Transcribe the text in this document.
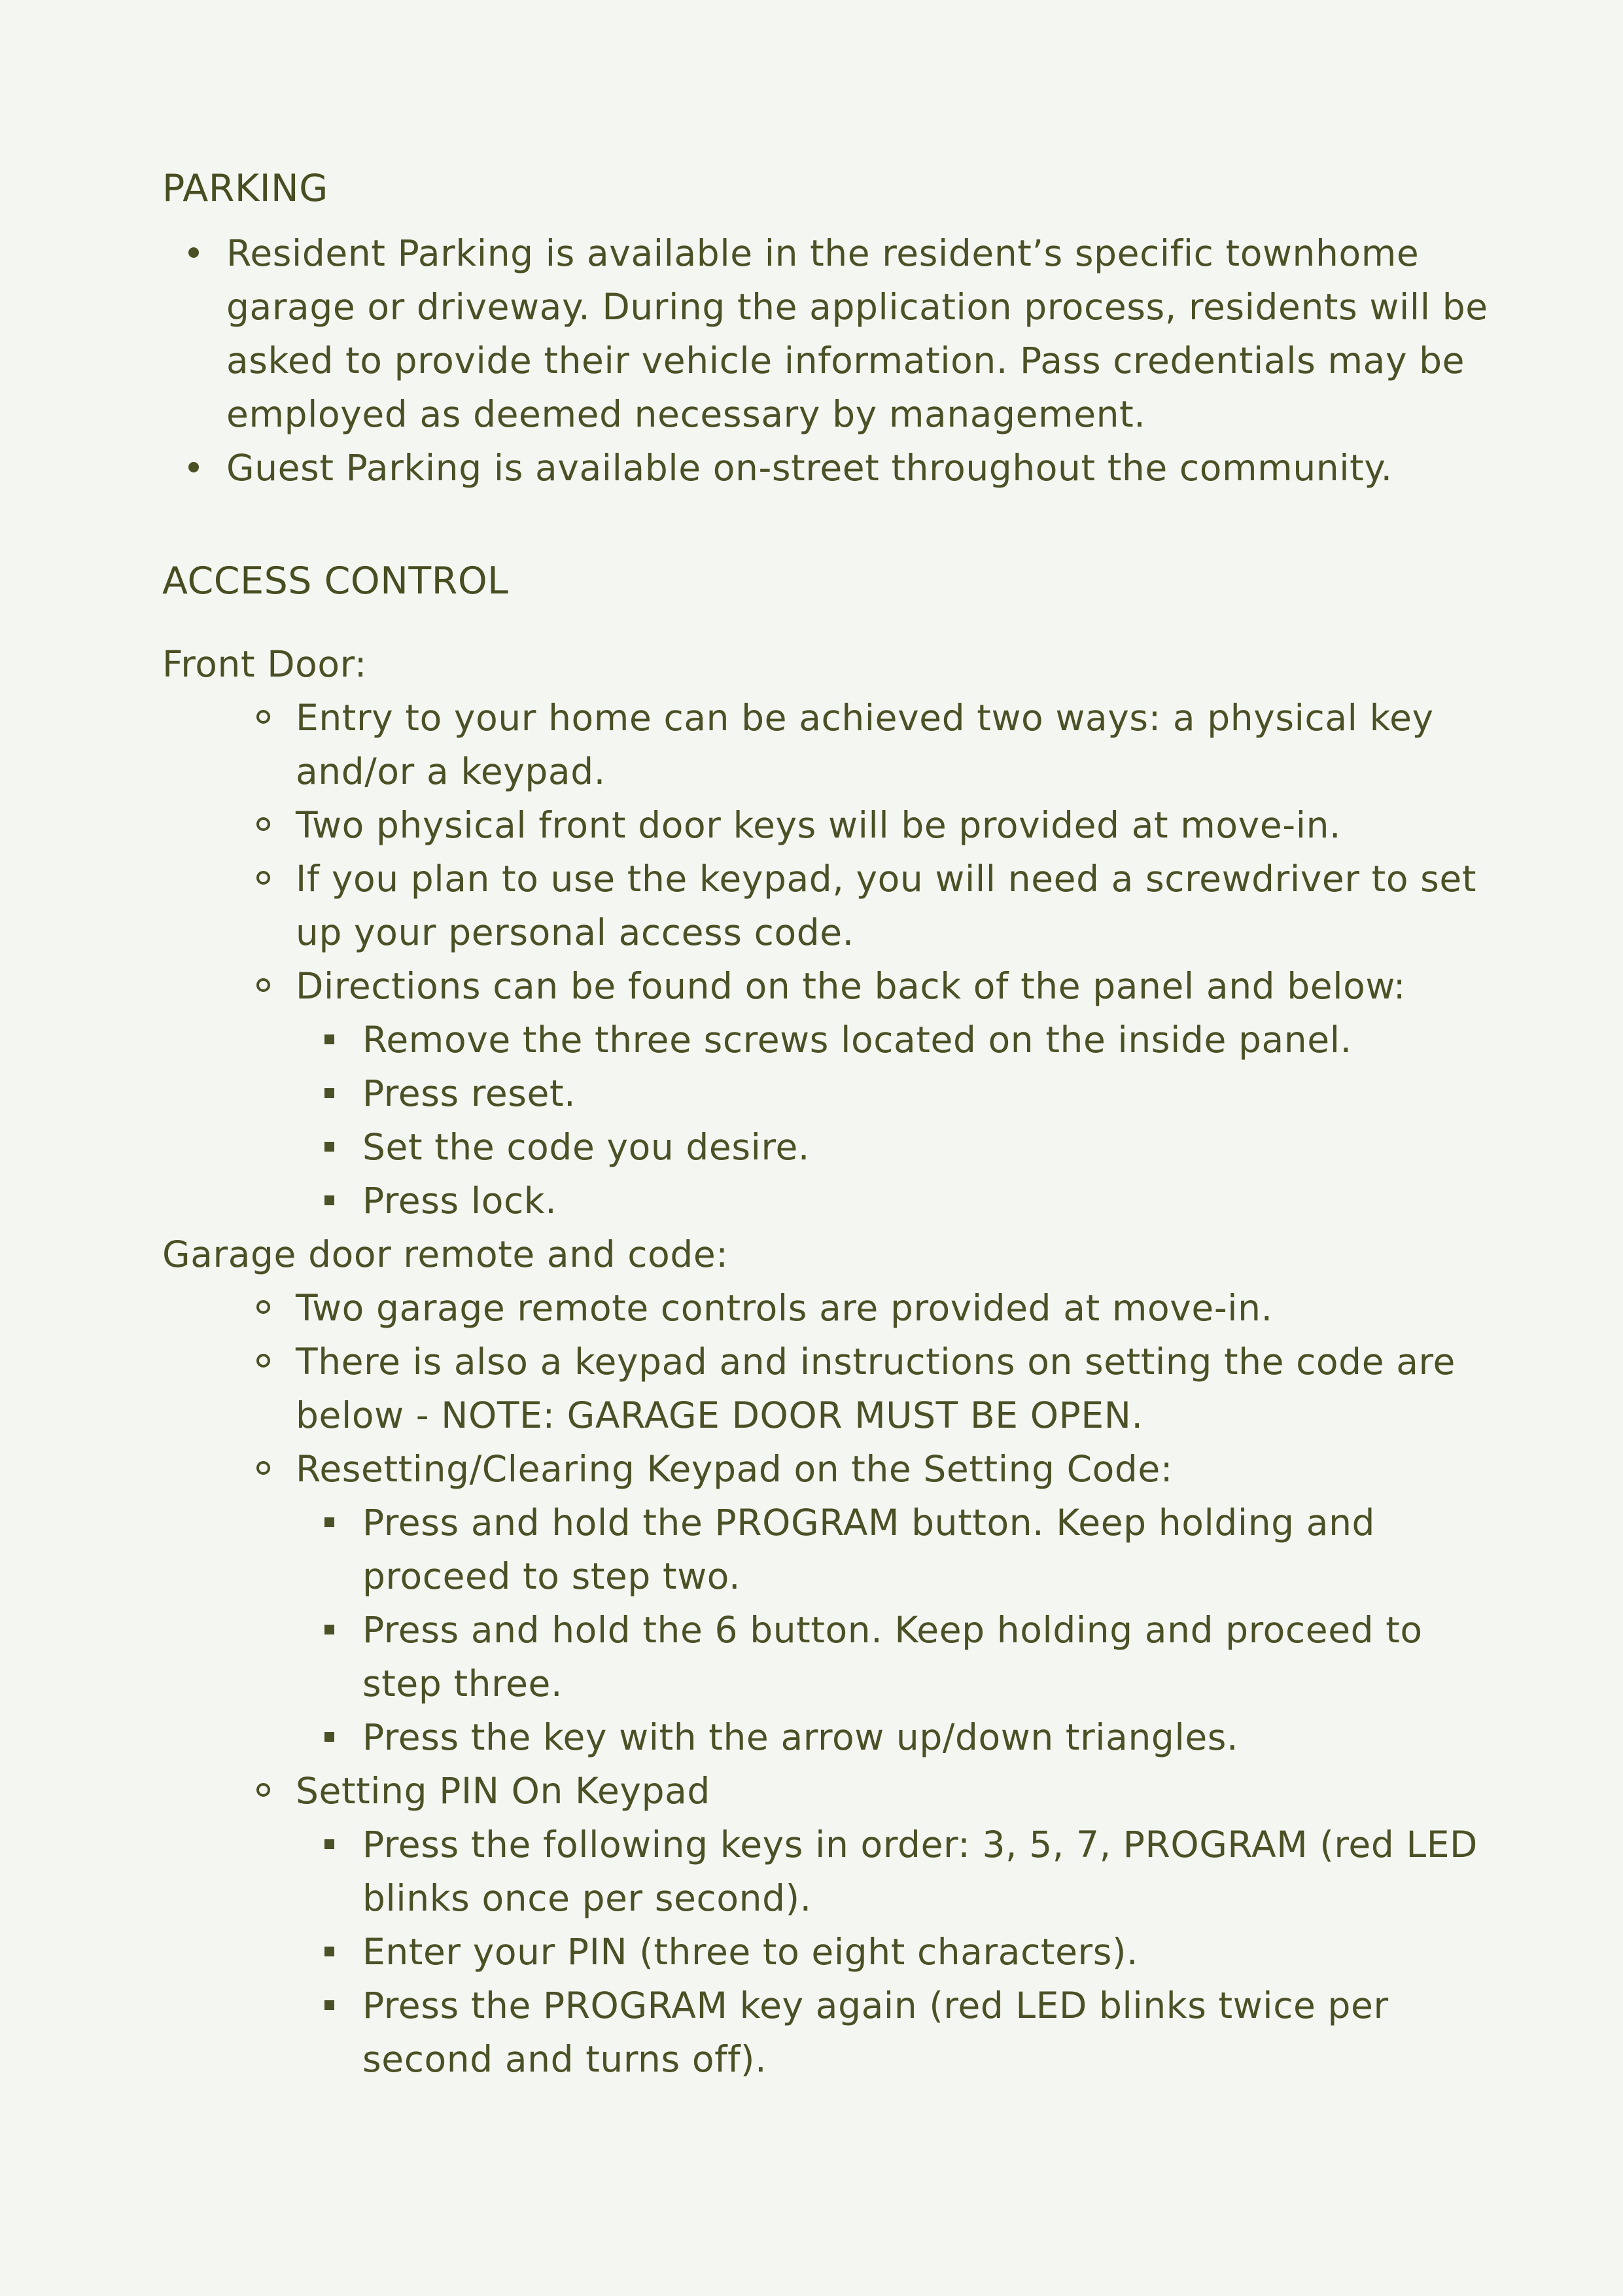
PARKING
Resident Parking is available in the resident’s specific townhome garage or driveway. During the application process, residents will be asked to provide their vehicle information. Pass credentials may be employed as deemed necessary by management.
Guest Parking is available on-street throughout the community.
ACCESS CONTROL

Front Door:

Entry to your home can be achieved two ways: a physical key and/or a keypad.
Two physical front door keys will be provided at move-in.
If you plan to use the keypad, you will need a screwdriver to set up your personal access code.
Directions can be found on the back of the panel and below:
Remove the three screws located on the inside panel.
Press reset.
Set the code you desire.
Press lock.

Garage door remote and code:

Two garage remote controls are provided at move-in.
There is also a keypad and instructions on setting the code are below - NOTE: GARAGE DOOR MUST BE OPEN.
Resetting/Clearing Keypad on the Setting Code:
Press and hold the PROGRAM button. Keep holding and proceed to step two.
Press and hold the 6 button. Keep holding and proceed to step three.
Press the key with the arrow up/down triangles.
Setting PIN On Keypad
Press the following keys in order: 3, 5, 7, PROGRAM (red LED blinks once per second).
Enter your PIN (three to eight characters).
Press the PROGRAM key again (red LED blinks twice per second and turns off).
